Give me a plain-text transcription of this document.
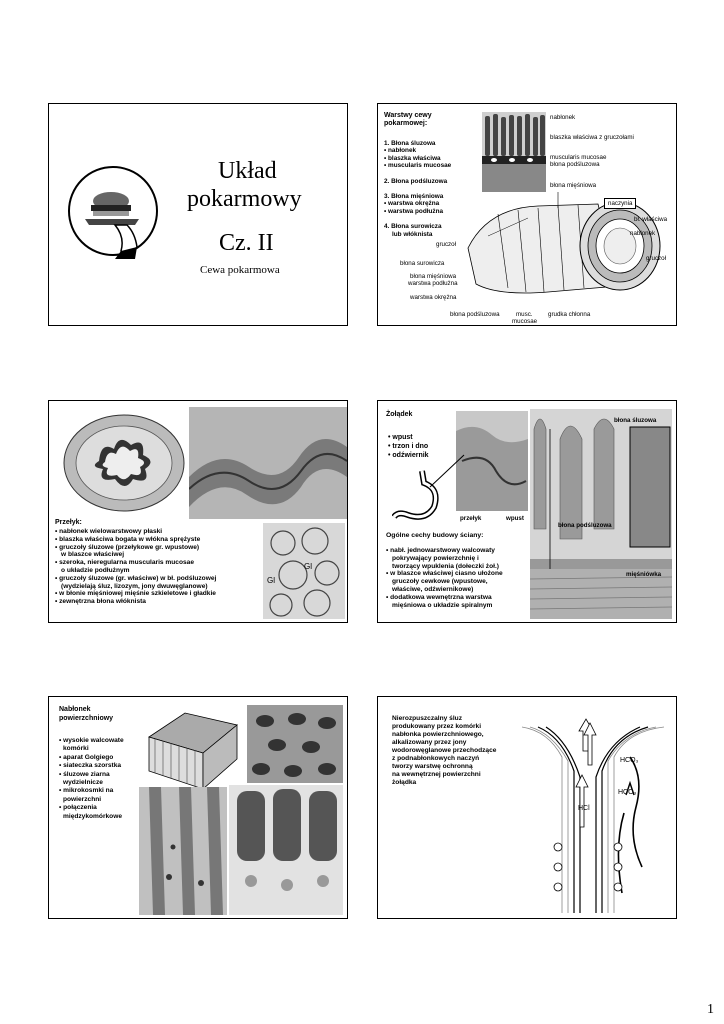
Układ
pokarmowy
Cz. II
Cewa pokarmowa
Warstwy cewy pokarmowej:
1. Błona śluzowa
• nabłonek
• blaszka właściwa
• muscularis mucosae
2. Błona podśluzowa
3. Błona mięśniowa
• warstwa okrężna
• warstwa podłużna
4. Błona surowicza
lub włóknista
nabłonek
blaszka właściwa z gruczołami
muscularis mucosae
błona podśluzowa
błona mięśniowa
naczynia
bł. właściwa
nabłonek
gruczoł
gruczoł
błona surowicza
błona mięśniowa
warstwa podłużna
warstwa okrężna
błona podśluzowa	musc.
mucosae
grudka chłonna
Przełyk:
• nabłonek wielowarstwowy płaski
• blaszka właściwa bogata w włókna sprężyste
• gruczoły śluzowe (przełykowe gr. wpustowe)
w blaszce właściwej
• szeroka, nieregularna muscularis mucosae
o układzie podłużnym
• gruczoły śluzowe (gr. właściwe) w bł. podśluzowej
(wydzielają śluz, lizozym, jony dwuwęglanowe)
• w błonie mięśniowej mięśnie szkieletowe i gładkie
• zewnętrzna błona włóknista
Gl
Gl
Żołądek
• wpust
• trzon i dno
• odźwiernik
przełyk	wpust
błona śluzowa
błona podśluzowa
mięśniówka
Ogólne cechy budowy ściany:
• nabł. jednowarstwowy walcowaty
pokrywający powierzchnię i
tworzący wpuklenia (dołeczki żoł.)
• w blaszce właściwej ciasno ułożone
gruczoły cewkowe (wpustowe,
właściwe, odźwiernikowe)
• dodatkowa wewnętrzna warstwa
mięśniowa o układzie spiralnym
Nabłonek
powierzchniowy
• wysokie walcowate
komórki
• aparat Golgiego
• siateczka szorstka
• śluzowe ziarna
wydzielnicze
• mikrokosmki na
powierzchni
• połączenia
międzykomórkowe
Nierozpuszczalny śluz
produkowany przez komórki
nabłonka powierzchniowego,
alkalizowany przez jony
wodorowęglanowe przechodzące
z podnabłonkowych naczyń
tworzy warstwę ochronną
na wewnętrznej powierzchni
żołądka
HCO₃
HCl
HCO₃
1
